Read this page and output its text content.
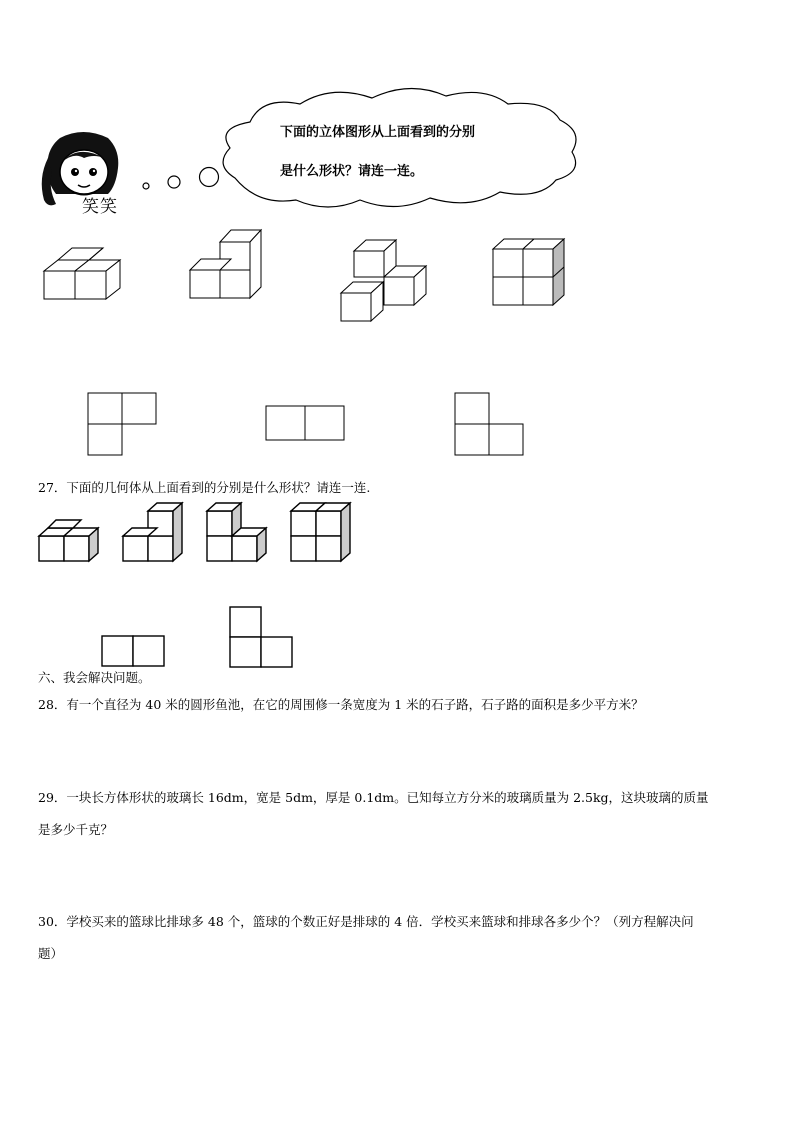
笑笑
下面的立体图形从上面看到的分别
是什么形状？请连一连。
27．下面的几何体从上面看到的分别是什么形状？请连一连.
六、我会解决问题。
28．有一个直径为 40 米的圆形鱼池，在它的周围修一条宽度为 1 米的石子路，石子路的面积是多少平方米？
29．一块长方体形状的玻璃长 16dm，宽是 5dm，厚是 0.1dm。已知每立方分米的玻璃质量为 2.5kg，这块玻璃的质量
是多少千克？
30．学校买来的篮球比排球多 48 个，篮球的个数正好是排球的 4 倍．学校买来篮球和排球各多少个？（列方程解决问
题）
